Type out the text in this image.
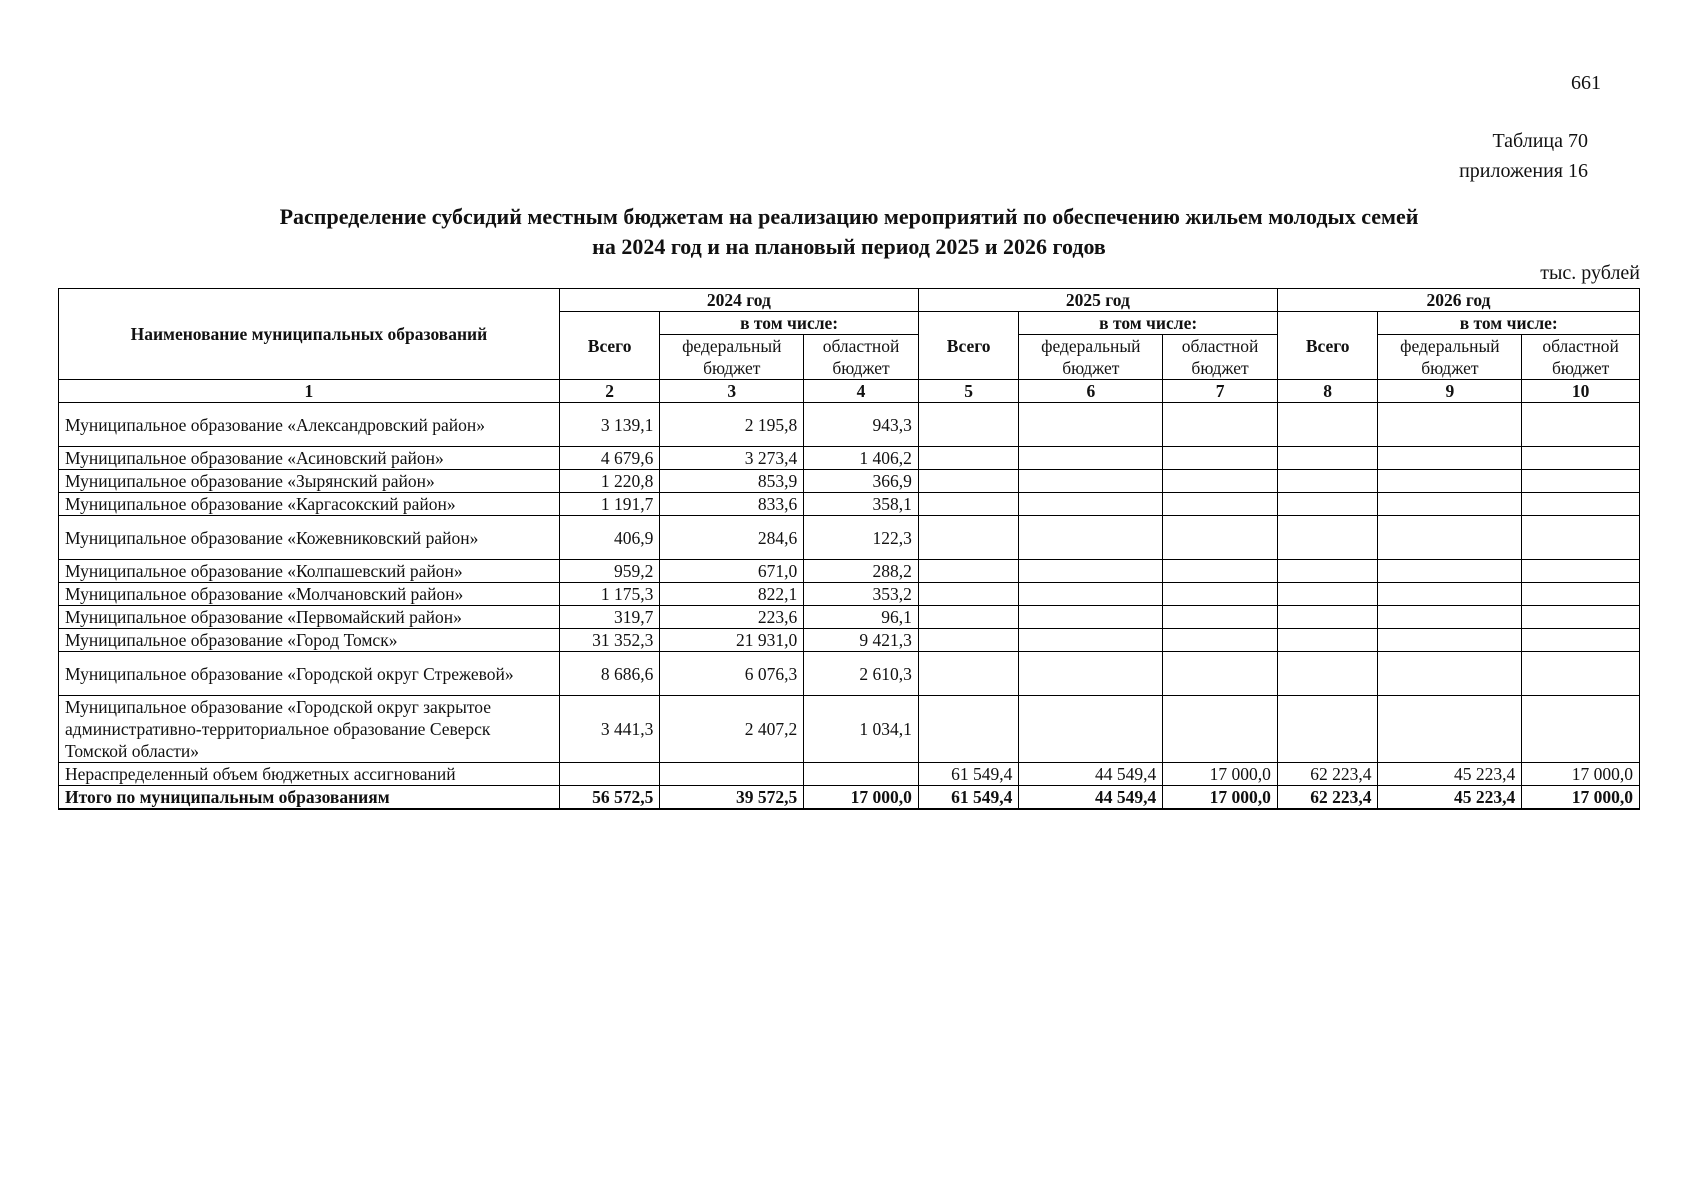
661
Таблица 70
приложения 16
Распределение субсидий местным бюджетам на реализацию мероприятий по обеспечению жильем молодых семей
на 2024 год и на плановый период 2025 и 2026 годов
тыс. рублей
Наименование муниципальных образований	2024 год			2025 год			2026 год		
	Всего	в том числе:		Всего	в том числе:		Всего	в том числе:	
		федеральный бюджет	областной бюджет		федеральный бюджет	областной бюджет		федеральный бюджет	областной бюджет
1	2	3	4	5	6	7	8	9	10
Муниципальное образование «Александровский район»	3 139,1	2 195,8	943,3						
Муниципальное образование «Асиновский район»	4 679,6	3 273,4	1 406,2						
Муниципальное образование «Зырянский район»	1 220,8	853,9	366,9						
Муниципальное образование «Каргасокский район»	1 191,7	833,6	358,1						
Муниципальное образование «Кожевниковский район»	406,9	284,6	122,3						
Муниципальное образование «Колпашевский район»	959,2	671,0	288,2						
Муниципальное образование «Молчановский район»	1 175,3	822,1	353,2						
Муниципальное образование «Первомайский район»	319,7	223,6	96,1						
Муниципальное образование «Город Томск»	31 352,3	21 931,0	9 421,3						
Муниципальное образование «Городской округ Стрежевой»	8 686,6	6 076,3	2 610,3						
Муниципальное образование «Городской округ закрытое административно-территориальное образование Северск Томской области»	3 441,3	2 407,2	1 034,1						
Нераспределенный объем бюджетных ассигнований				61 549,4	44 549,4	17 000,0	62 223,4	45 223,4	17 000,0
Итого по муниципальным образованиям	56 572,5	39 572,5	17 000,0	61 549,4	44 549,4	17 000,0	62 223,4	45 223,4	17 000,0
